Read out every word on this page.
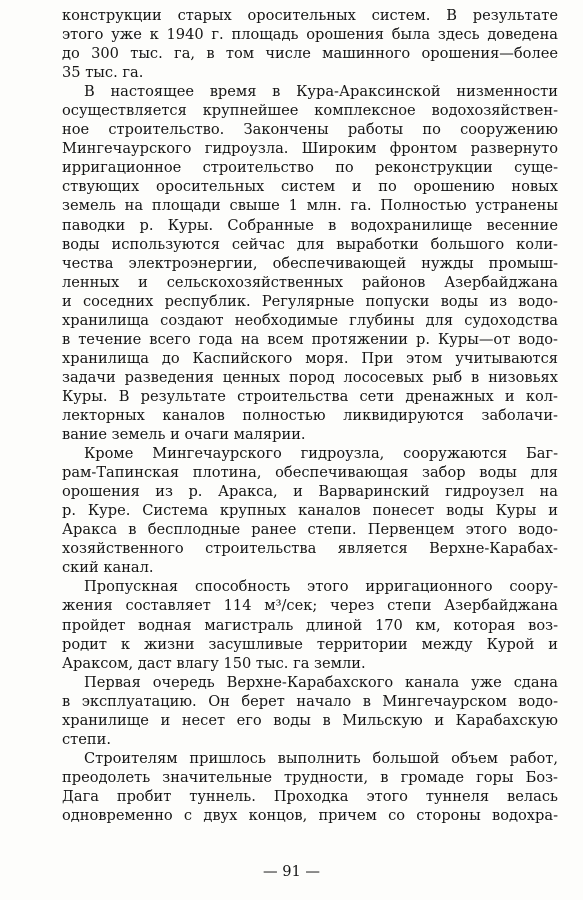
конструкции старых оросительных систем. В результате
этого уже к 1940 г. площадь орошения была здесь доведена
до 300 тыс. га, в том числе машинного орошения—более
35 тыс. га.
В настоящее время в Кура-Араксинской низменности
осуществляется крупнейшее комплексное водохозяйствен-
ное строительство. Закончены работы по сооружению
Мингечаурского гидроузла. Широким фронтом развернуто
ирригационное строительство по реконструкции суще-
ствующих оросительных систем и по орошению новых
земель на площади свыше 1 млн. га. Полностью устранены
паводки р. Куры. Собранные в водохранилище весенние
воды используются сейчас для выработки большого коли-
чества электроэнергии, обеспечивающей нужды промыш-
ленных и сельскохозяйственных районов Азербайджана
и соседних республик. Регулярные попуски воды из водо-
хранилища создают необходимые глубины для судоходства
в течение всего года на всем протяжении р. Куры—от водо-
хранилища до Каспийского моря. При этом учитываются
задачи разведения ценных пород лососевых рыб в низовьях
Куры. В результате строительства сети дренажных и кол-
лекторных каналов полностью ликвидируются заболачи-
вание земель и очаги малярии.
Кроме Мингечаурского гидроузла, сооружаются Баг-
рам-Тапинская плотина, обеспечивающая забор воды для
орошения из р. Аракса, и Варваринский гидроузел на
р. Куре. Система крупных каналов понесет воды Куры и
Аракса в бесплодные ранее степи. Первенцем этого водо-
хозяйственного строительства является Верхне-Карабах-
ский канал.
Пропускная способность этого ирригационного соору-
жения составляет 114 м³/сек; через степи Азербайджана
пройдет водная магистраль длиной 170 км, которая воз-
родит к жизни засушливые территории между Курой и
Араксом, даст влагу 150 тыс. га земли.
Первая очередь Верхне-Карабахского канала уже сдана
в эксплуатацию. Он берет начало в Мингечаурском водо-
хранилище и несет его воды в Мильскую и Карабахскую
степи.
Строителям пришлось выполнить большой объем работ,
преодолеть значительные трудности, в громаде горы Боз-
Дага пробит туннель. Проходка этого туннеля велась
одновременно с двух концов, причем со стороны водохра-
— 91 —
